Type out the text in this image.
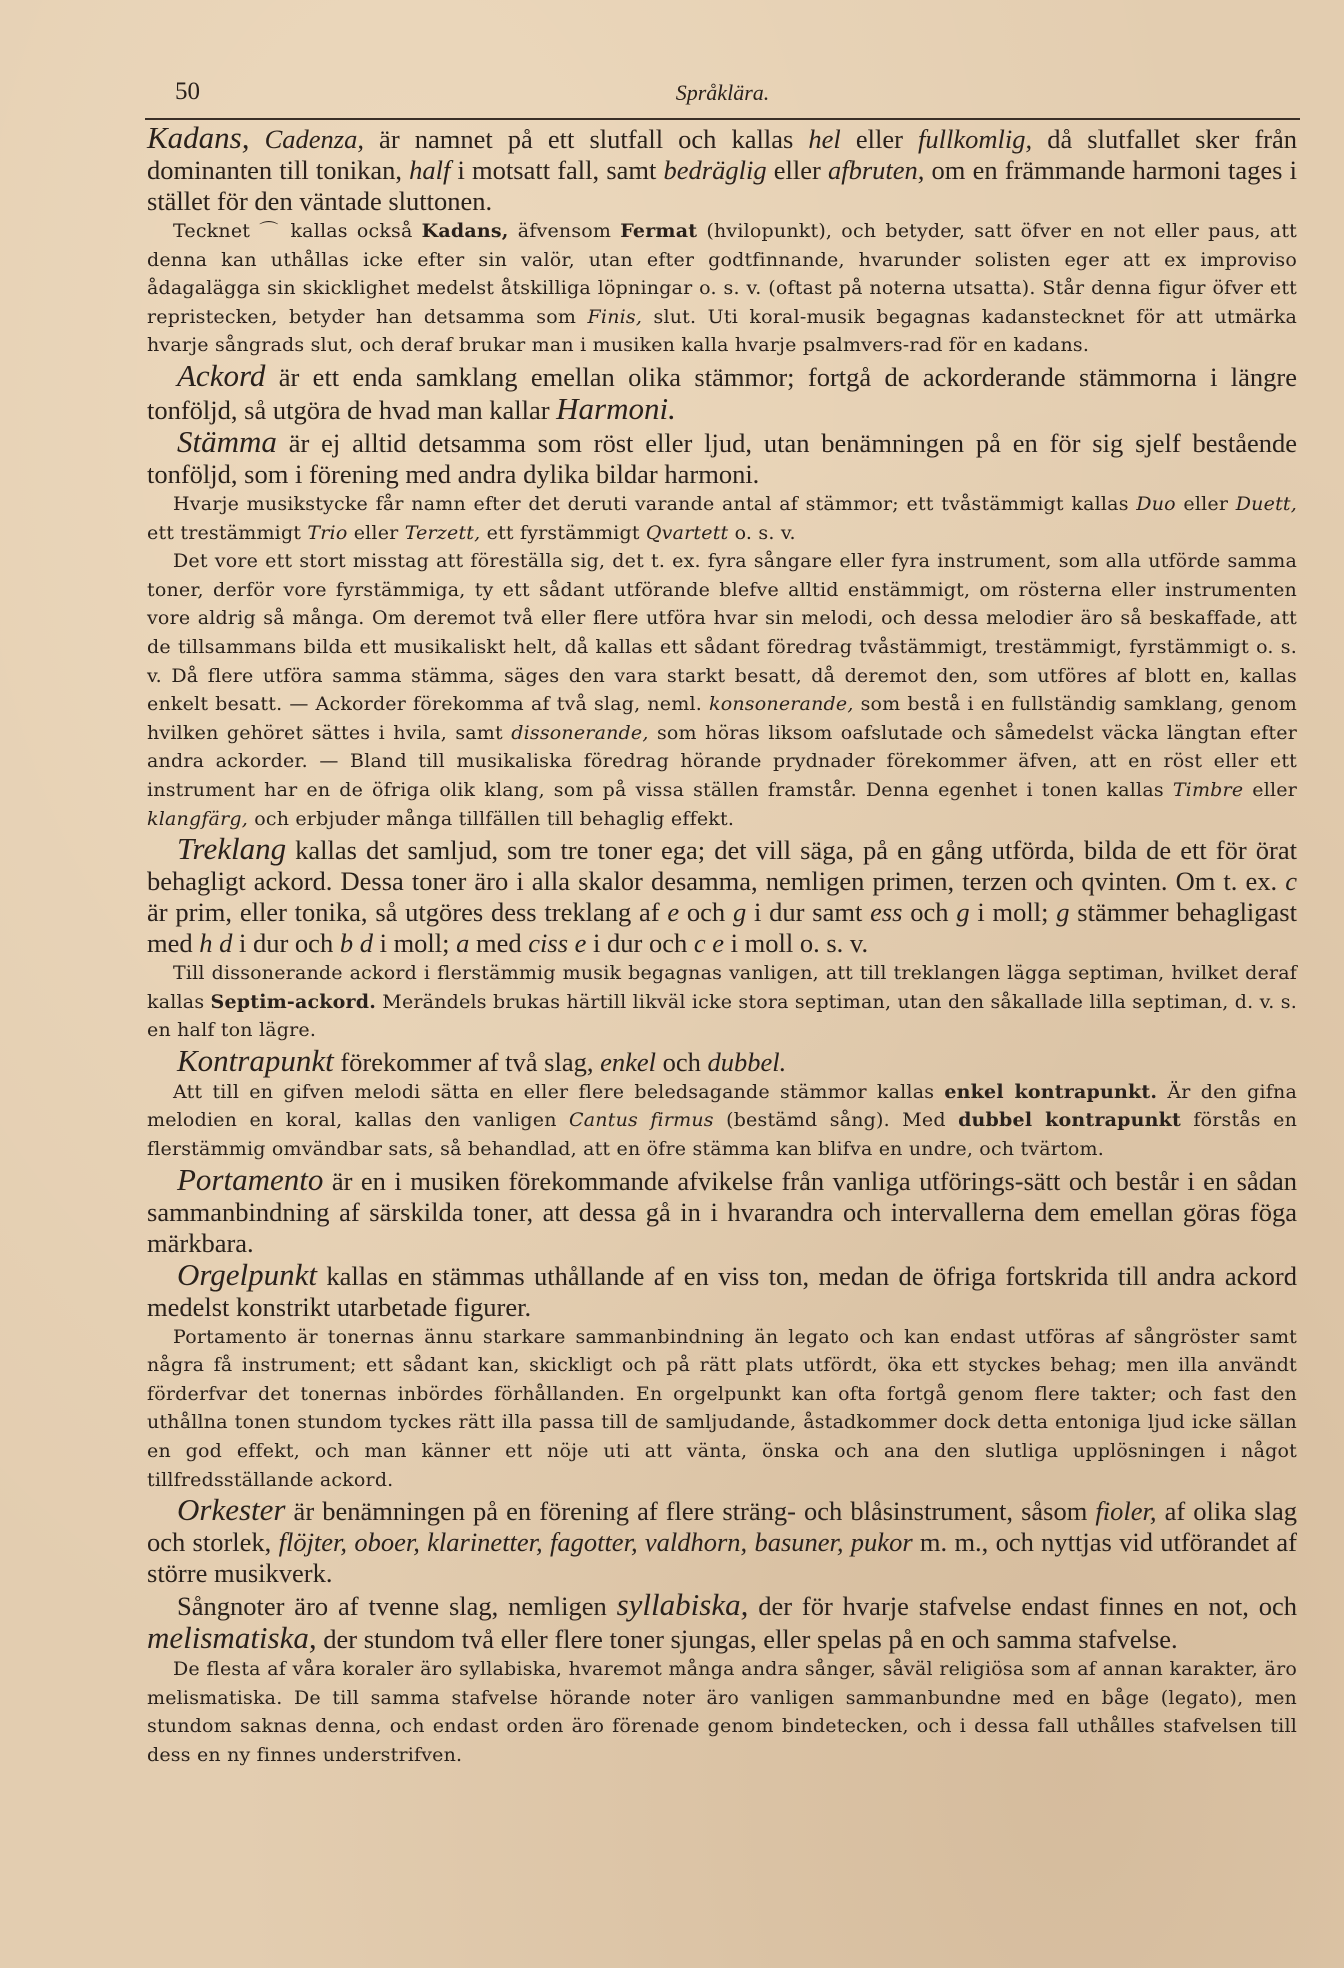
50	Språklära.

Kadans, Cadenza, är namnet på ett slutfall och kallas hel eller fullkomlig, då slutfallet sker från dominanten till tonikan, half i motsatt fall, samt bedräglig eller afbruten, om en främmande harmoni tages i stället för den väntade sluttonen.

Tecknet ⌒ kallas också Kadans, äfvensom Fermat (hvilopunkt), och betyder, satt öfver en not eller paus, att denna kan uthållas icke efter sin valör, utan efter godtfinnande, hvarunder solisten eger att ex improviso ådagalägga sin skicklighet medelst åtskilliga löpningar o. s. v. (oftast på noterna utsatta). Står denna figur öfver ett repristecken, betyder han detsamma som Finis, slut. Uti koral-musik begagnas kadanstecknet för att utmärka hvarje sångrads slut, och deraf brukar man i musiken kalla hvarje psalmvers-rad för en kadans.

Ackord är ett enda samklang emellan olika stämmor; fortgå de ackorderande stämmorna i längre tonföljd, så utgöra de hvad man kallar Harmoni.

Stämma är ej alltid detsamma som röst eller ljud, utan benämningen på en för sig sjelf bestående tonföljd, som i förening med andra dylika bildar harmoni.

Hvarje musikstycke får namn efter det deruti varande antal af stämmor; ett tvåstämmigt kallas Duo eller Duett, ett trestämmigt Trio eller Terzett, ett fyrstämmigt Qvartett o. s. v.

Det vore ett stort misstag att föreställa sig, det t. ex. fyra sångare eller fyra instrument, som alla utförde samma toner, derför vore fyrstämmiga, ty ett sådant utförande blefve alltid enstämmigt, om rösterna eller instrumenten vore aldrig så många. Om deremot två eller flere utföra hvar sin melodi, och dessa melodier äro så beskaffade, att de tillsammans bilda ett musikaliskt helt, då kallas ett sådant föredrag tvåstämmigt, trestämmigt, fyrstämmigt o. s. v. Då flere utföra samma stämma, säges den vara starkt besatt, då deremot den, som utföres af blott en, kallas enkelt besatt. — Ackorder förekomma af två slag, neml. konsonerande, som bestå i en fullständig samklang, genom hvilken gehöret sättes i hvila, samt dissonerande, som höras liksom oafslutade och såmedelst väcka längtan efter andra ackorder. — Bland till musikaliska föredrag hörande prydnader förekommer äfven, att en röst eller ett instrument har en de öfriga olik klang, som på vissa ställen framstår. Denna egenhet i tonen kallas Timbre eller klangfärg, och erbjuder många tillfällen till behaglig effekt.

Treklang kallas det samljud, som tre toner ega; det vill säga, på en gång utförda, bilda de ett för örat behagligt ackord. Dessa toner äro i alla skalor desamma, nemligen primen, terzen och qvinten. Om t. ex. c är prim, eller tonika, så utgöres dess treklang af e och g i dur samt ess och g i moll; g stämmer behagligast med h d i dur och b d i moll; a med ciss e i dur och c e i moll o. s. v.

Till dissonerande ackord i flerstämmig musik begagnas vanligen, att till treklangen lägga septiman, hvilket deraf kallas Septim-ackord. Merändels brukas härtill likväl icke stora septiman, utan den såkallade lilla septiman, d. v. s. en half ton lägre.

Kontrapunkt förekommer af två slag, enkel och dubbel.

Att till en gifven melodi sätta en eller flere beledsagande stämmor kallas enkel kontrapunkt. Är den gifna melodien en koral, kallas den vanligen Cantus firmus (bestämd sång). Med dubbel kontrapunkt förstås en flerstämmig omvändbar sats, så behandlad, att en öfre stämma kan blifva en undre, och tvärtom.

Portamento är en i musiken förekommande afvikelse från vanliga utförings-sätt och består i en sådan sammanbindning af särskilda toner, att dessa gå in i hvarandra och intervallerna dem emellan göras föga märkbara.

Orgelpunkt kallas en stämmas uthållande af en viss ton, medan de öfriga fortskrida till andra ackord medelst konstrikt utarbetade figurer.

Portamento är tonernas ännu starkare sammanbindning än legato och kan endast utföras af sångröster samt några få instrument; ett sådant kan, skickligt och på rätt plats utfördt, öka ett styckes behag; men illa användt förderfvar det tonernas inbördes förhållanden. En orgelpunkt kan ofta fortgå genom flere takter; och fast den uthållna tonen stundom tyckes rätt illa passa till de samljudande, åstadkommer dock detta entoniga ljud icke sällan en god effekt, och man känner ett nöje uti att vänta, önska och ana den slutliga upplösningen i något tillfredsställande ackord.

Orkester är benämningen på en förening af flere sträng- och blåsinstrument, såsom fioler, af olika slag och storlek, flöjter, oboer, klarinetter, fagotter, valdhorn, basuner, pukor m. m., och nyttjas vid utförandet af större musikverk.

Sångnoter äro af tvenne slag, nemligen syllabiska, der för hvarje stafvelse endast finnes en not, och melismatiska, der stundom två eller flere toner sjungas, eller spelas på en och samma stafvelse.

De flesta af våra koraler äro syllabiska, hvaremot många andra sånger, såväl religiösa som af annan karakter, äro melismatiska. De till samma stafvelse hörande noter äro vanligen sammanbundne med en båge (legato), men stundom saknas denna, och endast orden äro förenade genom bindetecken, och i dessa fall uthålles stafvelsen till dess en ny finnes understrifven.
